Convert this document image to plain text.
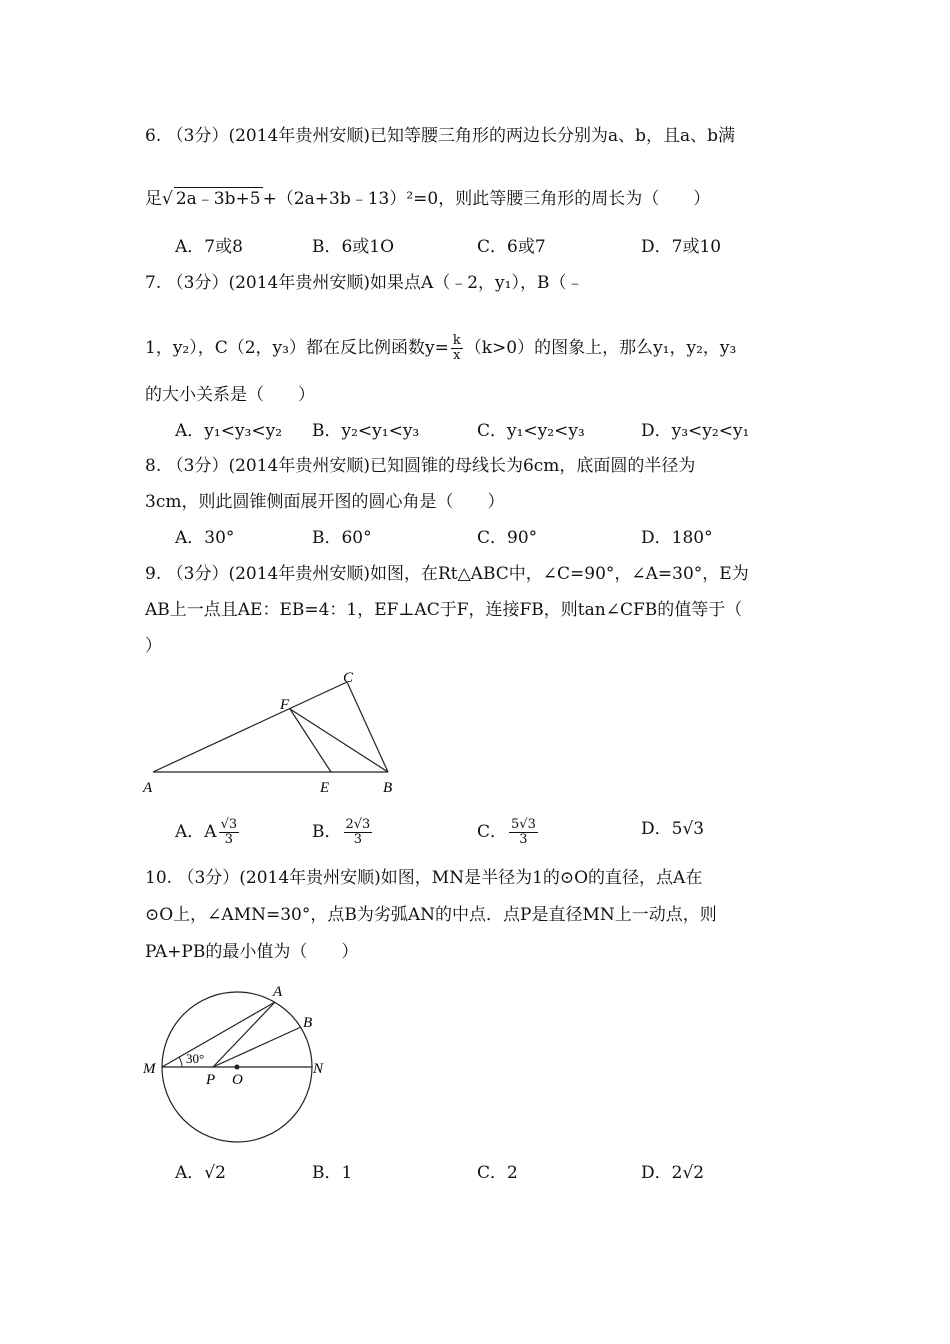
6. （3分）(2014年贵州安顺)已知等腰三角形的两边长分别为a、b，且a、b满
足√ 2a﹣3b+5 +（2a+3b﹣13）²=0，则此等腰三角形的周长为（　　）
A．7或8	B．6或1O	C．6或7	D．7或10
7. （3分）(2014年贵州安顺)如果点A（﹣2，y₁），B（﹣
1，y₂），C（2，y₃）都在反比例函数$y= \frac{k}{x} (k>0)$的图象上，那么y₁，y₂，y₃
的大小关系是（　　）
A．y₁<y₃<y₂ B．y₂<y₁<y₃	C．y₁<y₂<y₃	D．y₃<y₂<y₁
8. （3分）(2014年贵州安顺)已知圆锥的母线长为6cm，底面圆的半径为
3cm，则此圆锥侧面展开图的圆心角是（　　）
A．30°	B．60°	C．90°	D．180°
9. （3分）(2014年贵州安顺)如图，在Rt△ABC中，∠C=90°，∠A=30°，E为
AB上一点且AE：EB=4：1，EF⊥AC于F，连接FB，则tan∠CFB的值等于（
）
A	B
C
E
F
A．A $\frac{√3}{3}$	B． $\frac{2√3}{3}$	C． $\frac{5√3}{3}$	D．5√3
10. （3分）(2014年贵州安顺)如图，MN是半径为1的⊙O的直径，点A在
⊙O上，∠AMN=30°，点B为劣弧AN的中点．点P是直径MN上一动点，则
PA+PB的最小值为（　　）
A
B
M	N
P O
30°
A．√2	B．1	C．2	D．2√2
